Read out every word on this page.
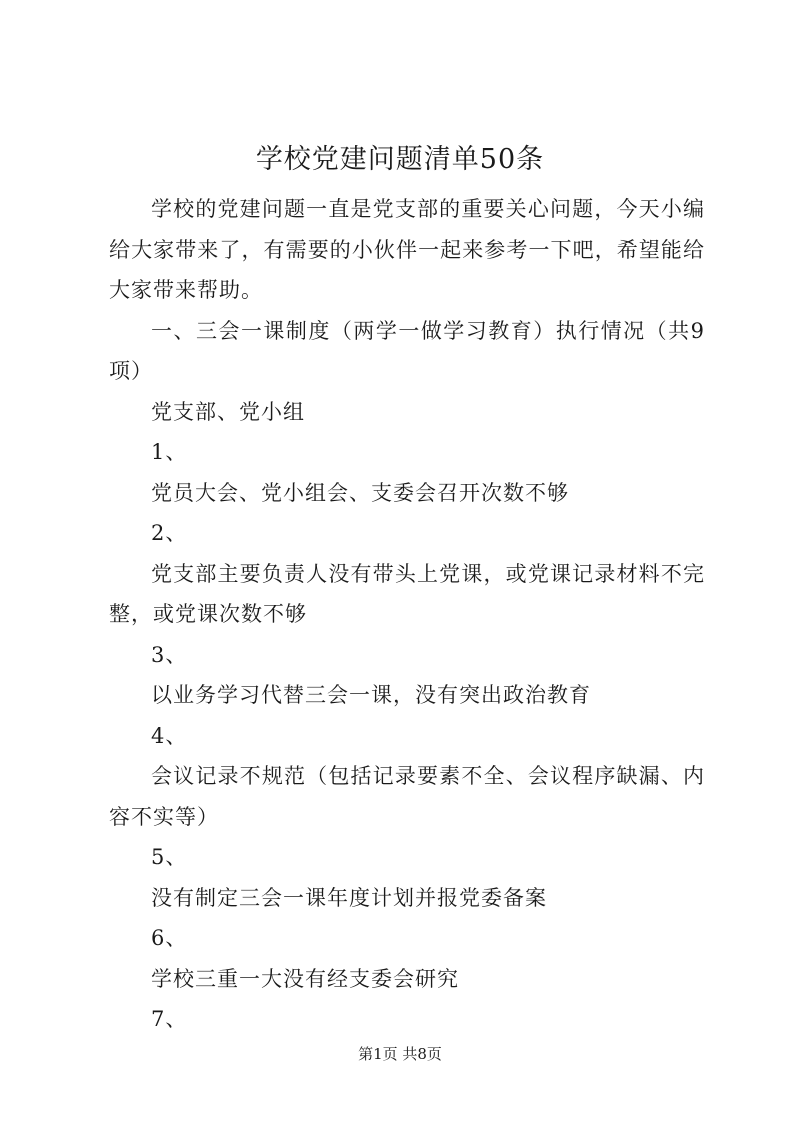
学校党建问题清单50条

学校的党建问题一直是党支部的重要关心问题，今天小编给大家带来了，有需要的小伙伴一起来参考一下吧，希望能给大家带来帮助。

一、三会一课制度（两学一做学习教育）执行情况（共9项）

党支部、党小组

1、

党员大会、党小组会、支委会召开次数不够

2、

党支部主要负责人没有带头上党课，或党课记录材料不完整，或党课次数不够

3、

以业务学习代替三会一课，没有突出政治教育

4、

会议记录不规范（包括记录要素不全、会议程序缺漏、内容不实等）

5、

没有制定三会一课年度计划并报党委备案

6、

学校三重一大没有经支委会研究

7、

第1页 共8页
